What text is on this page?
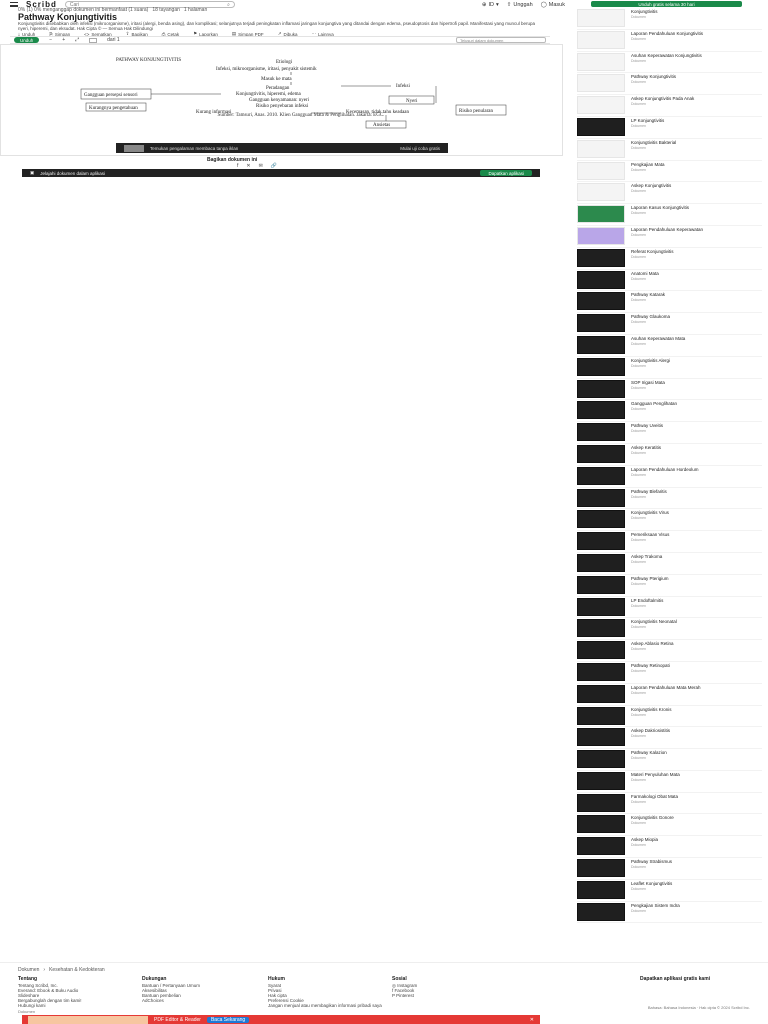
Scribd	Cari	⌕	⊕ ID ▾ ⇧ Unggah ◯ Masuk
0% (1) 0% menganggap dokumen ini bermanfaat (1 suara) 18 tayangan 1 halaman
Pathway Konjungtivitis
Konjungtivitis disebabkan oleh infeksi (mikroorganisme), iritasi (alergi, benda asing), dan komplikasi; selanjutnya terjadi peningkatan inflamasi jaringan konjungtiva yang ditandai dengan edema, pseudoptosis dan hipertrofi papil. Manifestasi yang muncul berupa nyeri, hiperemi, dan eksudat. Hak Cipta © — Semua Hak Dilindungi
⤓ Unduh	⎘ Simpan	<> Sematkan	⇪ Bagikan	⎙ Cetak	⚑ Laporkan	▤ Simpan PDF	↗ Dibuka	⋯ Lainnya
Unduh	− + ⤢	dari 1	Telusuri dalam dokumen
PATHWAY KONJUNGTIVITIS	Etiologi
Infeksi, mikroorganisme, iritasi, penyakit sistemik
Masuk ke mata
Peradangan
Konjungtivitis, hiperemi, edema
Gangguan kenyamanan: nyeri
Risiko penyebaran infeksi
Gangguan persepsi sensori
Kurangnya pengetahuan
Infeksi
Nyeri
Risiko penularan
Kurang informasi	Kecemasan, tidak tahu keadaan
Ansietas
Sumber: Tamsuri, Anas. 2010. Klien Gangguan Mata & Penglihatan. Jakarta: EGC.
Temukan pengalaman membaca tanpa iklan	Mulai uji coba gratis
Bagikan dokumen ini
f ✕ ✉ 🔗
▣ Jelajahi dokumen dalam aplikasi	Dapatkan aplikasi
Unduh gratis selama 30 hari
Konjungtivitis
Dokumen
Laporan Pendahuluan Konjungtivitis
Dokumen
Asuhan Keperawatan Konjungtivitis
Dokumen
Pathway Konjungtivitis
Dokumen
Askep Konjungtivitis Pada Anak
Dokumen
LP Konjungtivitis
Dokumen
Konjungtivitis Bakterial
Dokumen
Pengkajian Mata
Dokumen
Askep Konjungtivitis
Dokumen
Laporan Kasus Konjungtivitis
Dokumen
Laporan Pendahuluan Keperawatan
Dokumen
Referat Konjungtivitis
Dokumen
Anatomi Mata
Dokumen
Pathway Katarak
Dokumen
Pathway Glaukoma
Dokumen
Asuhan Keperawatan Mata
Dokumen
Konjungtivitis Alergi
Dokumen
SOP Irigasi Mata
Dokumen
Gangguan Penglihatan
Dokumen
Pathway Uveitis
Dokumen
Askep Keratitis
Dokumen
Laporan Pendahuluan Hordeolum
Dokumen
Pathway Blefaritis
Dokumen
Konjungtivitis Virus
Dokumen
Pemeriksaan Visus
Dokumen
Askep Trakoma
Dokumen
Pathway Pterigium
Dokumen
LP Endoftalmitis
Dokumen
Konjungtivitis Neonatal
Dokumen
Askep Ablasio Retina
Dokumen
Pathway Retinopati
Dokumen
Laporan Pendahuluan Mata Merah
Dokumen
Konjungtivitis Kronis
Dokumen
Askep Dakriosistitis
Dokumen
Pathway Kalazion
Dokumen
Materi Penyuluhan Mata
Dokumen
Farmakologi Obat Mata
Dokumen
Konjungtivitis Gonore
Dokumen
Askep Miopia
Dokumen
Pathway Strabismus
Dokumen
Leaflet Konjungtivitis
Dokumen
Pengkajian Sistem Indra
Dokumen
Dokumen › Kesehatan & Kedokteran
Tentang
Tentang Scribd, Inc.
Everand: Ebook & Buku Audio
Slideshare
Bergabunglah dengan tim kami!
Hubungi kami
Dukungan
Bantuan / Pertanyaan Umum
Aksesibilitas
Bantuan pembelian
AdChoices
Hukum
Syarat
Privasi
Hak cipta
Preferensi Cookie
Jangan menjual atau membagikan informasi pribadi saya
Sosial
◎ Instagram
f Facebook
P Pinterest
Dapatkan aplikasi gratis kami
Dokumen
Bahasa: Bahasa Indonesia · Hak cipta © 2024 Scribd Inc.
PDF Editor & Reader	Baca Sekarang	✕
